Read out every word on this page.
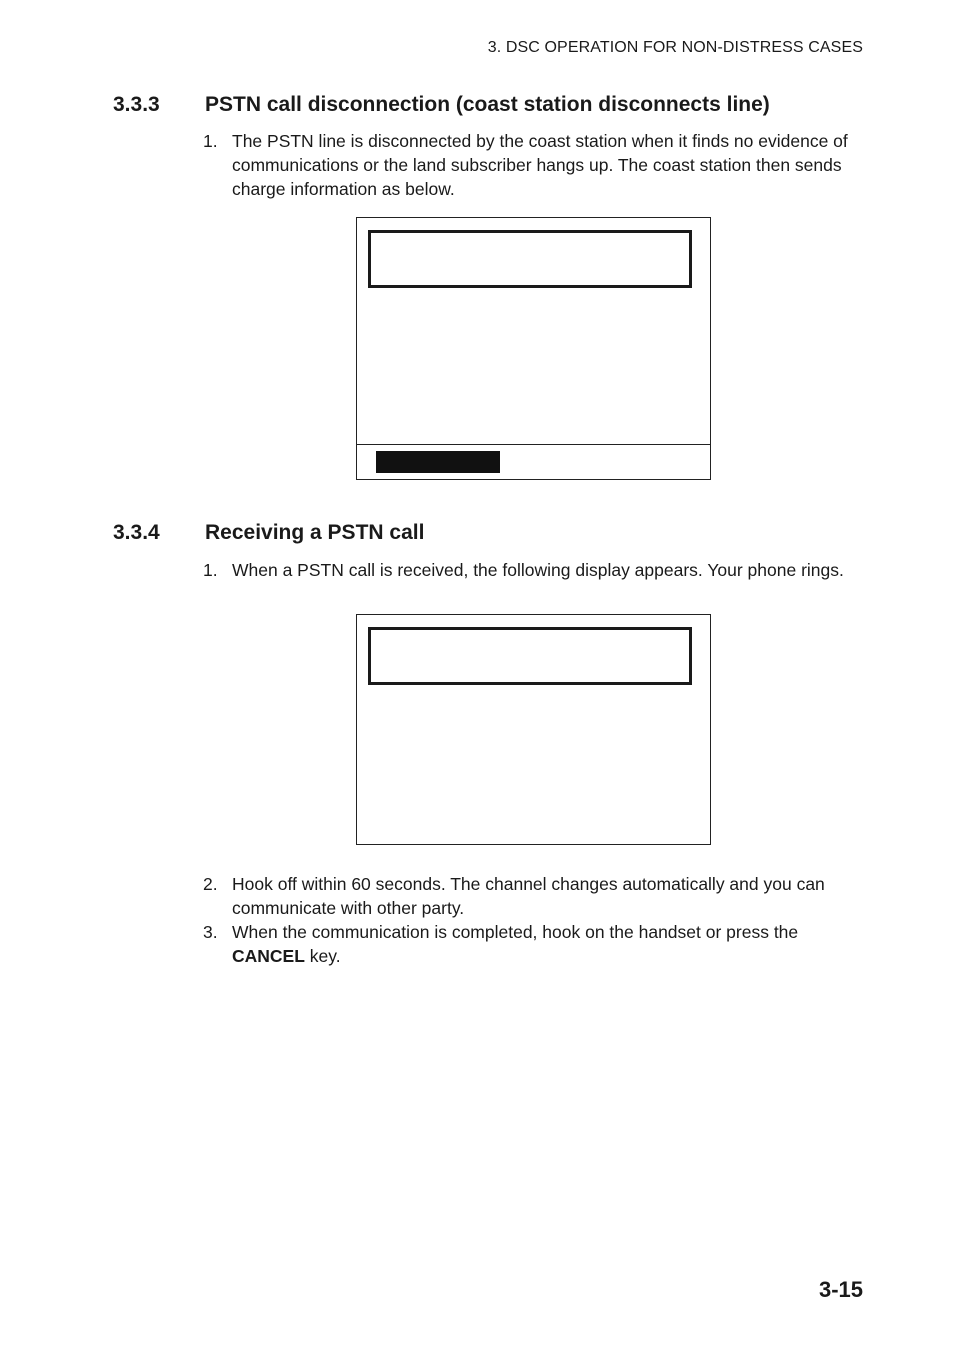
3. DSC OPERATION FOR NON-DISTRESS CASES
3.3.3 PSTN call disconnection (coast station disconnects line)
1. The PSTN line is disconnected by the coast station when it finds no evidence of communications or the land subscriber hangs up. The coast station then sends charge information as below.
3.3.4 Receiving a PSTN call
1. When a PSTN call is received, the following display appears. Your phone rings.
2. Hook off within 60 seconds. The channel changes automatically and you can communicate with other party.
3. When the communication is completed, hook on the handset or press the CANCEL key.
3-15
